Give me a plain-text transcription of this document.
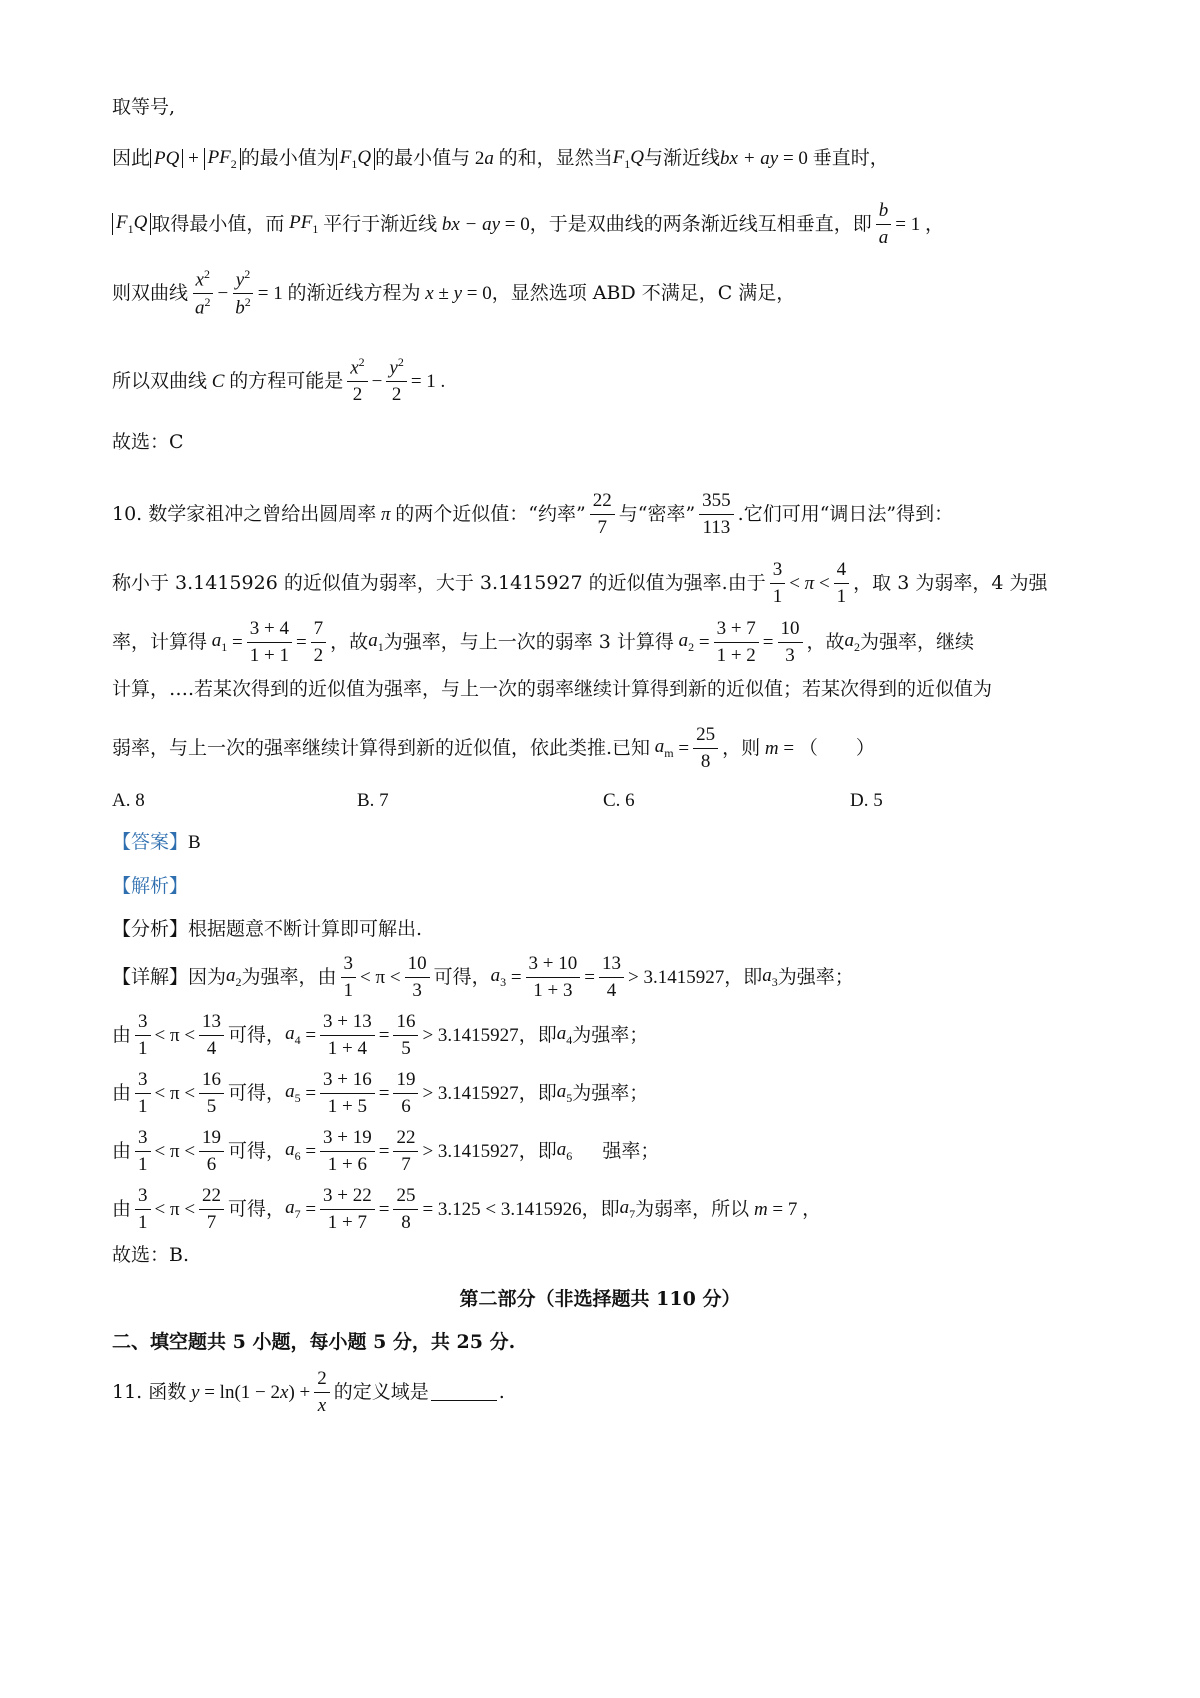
取等号,
因此 PQ + $PF_2$ 的最小值为 $F_1Q$ 的最小值与 2a 的和，显然当 $F_1Q$ 与渐近线 bx + ay = 0 垂直时，
$F_1Q$ 取得最小值，而 $PF_1$ 平行于渐近线 bx − ay = 0 ，于是双曲线的两条渐近线互相垂直，即 $\frac{b}{a} = 1$ ，
则双曲线 $\frac{x^2}{a^2} - \frac{y^2}{b^2} = 1$ 的渐近线方程为 x ± y = 0 ，显然选项 ABD 不满足，C 满足，
所以双曲线 C 的方程可能是 $\frac{x^2}{2} - \frac{y^2}{2} = 1$ .
故选：C
10. 数学家祖冲之曾给出圆周率 π 的两个近似值：“约率” $\frac{22}{7}$ 与“密率” $\frac{355}{113}$ .它们可用“调日法”得到：
称小于 3.1415926 的近似值为弱率，大于 3.1415927 的近似值为强率.由于 $\frac{3}{1} < \pi < \frac{4}{1}$ ，取 3 为弱率，4 为强
率，计算得 $a_1 = \frac{3 + 4}{1 + 1} = \frac{7}{2}$ ，故 $a_1$ 为强率，与上一次的弱率 3 计算得 $a_2 = \frac{3 + 7}{1 + 2} = \frac{10}{3}$ ，故 $a_2$ 为强率，继续
计算，….若某次得到的近似值为强率，与上一次的弱率继续计算得到新的近似值；若某次得到的近似值为
弱率，与上一次的强率继续计算得到新的近似值，依此类推.已知 $a_m = \frac{25}{8}$ ，则 m = （　　）
A. 8	B. 7	C. 6	D. 5
【答案】 B
【解析】
【分析】根据题意不断计算即可解出.
【详解】因为 $a_2$ 为强率，由 $\frac{3}{1} < \pi < \frac{10}{3}$ 可得， $a_3 = \frac{3 + 10}{1 + 3} = \frac{13}{4} > 3.1415927$ ，即 $a_3$ 为强率；
由 $\frac{3}{1} < \pi < \frac{13}{4}$ 可得， $a_4 = \frac{3 + 13}{1 + 4} = \frac{16}{5} > 3.1415927$ ，即 $a_4$ 为强率；
由 $\frac{3}{1} < \pi < \frac{16}{5}$ 可得， $a_5 = \frac{3 + 16}{1 + 5} = \frac{19}{6} > 3.1415927$ ，即 $a_5$ 为强率；
由 $\frac{3}{1} < \pi < \frac{19}{6}$ 可得， $a_6 = \frac{3 + 19}{1 + 6} = \frac{22}{7} > 3.1415927$ ，即 $a_6$
强率；
由 $\frac{3}{1} < \pi < \frac{22}{7}$ 可得， $a_7 = \frac{3 + 22}{1 + 7} = \frac{25}{8} = 3.125 < 3.1415926$ ，即 $a_7$ 为弱率，所以 m = 7 ，
故选：B.
第二部分（非选择题共 110 分）
二、填空题共 5 小题，每小题 5 分，共 25 分.
11. 函数 $y = \ln(1 - 2x) + \frac{2}{x}$ 的定义域是	.
